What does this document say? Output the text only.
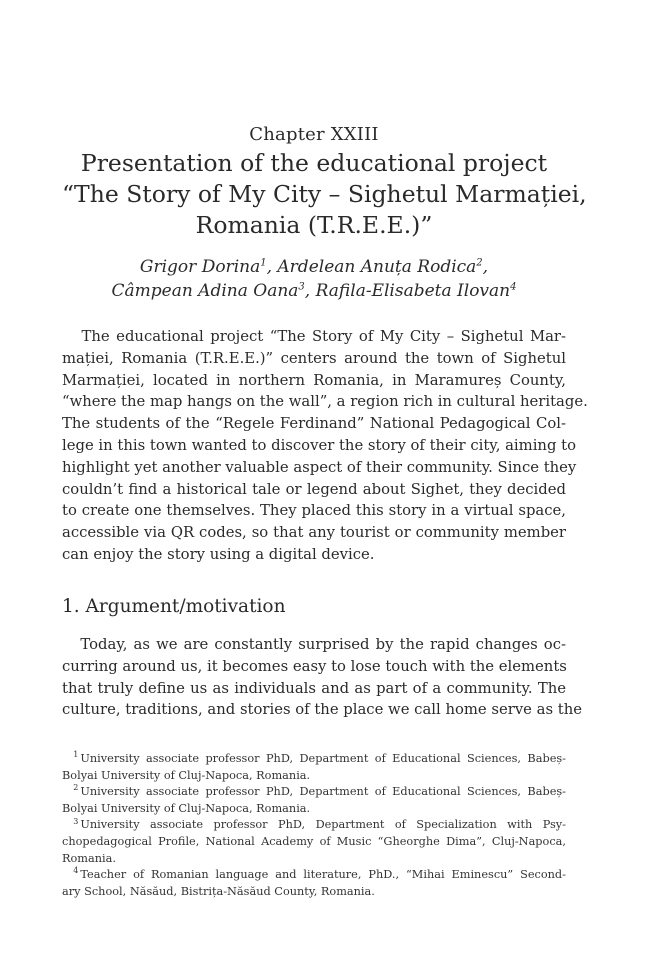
Chapter XXIII
Presentation of the educational project
“The Story of My City – Sighetul Marmației,
Romania (T.R.E.E.)”
Grigor Dorina$^1$, Ardelean Anuța Rodica$^2$,
Câmpean Adina Oana$^3$, Rafila-Elisabeta Ilovan$^4$
The educational project “The Story of My City – Sighetul Mar-
mației, Romania (T.R.E.E.)” centers around the town of Sighetul
Marmației, located in northern Romania, in Maramureș County,
“where the map hangs on the wall”, a region rich in cultural heritage.
The students of the “Regele Ferdinand” National Pedagogical Col-
lege in this town wanted to discover the story of their city, aiming to
highlight yet another valuable aspect of their community. Since they
couldn’t find a historical tale or legend about Sighet, they decided
to create one themselves. They placed this story in a virtual space,
accessible via QR codes, so that any tourist or community member
can enjoy the story using a digital device.
1. Argument/motivation
Today, as we are constantly surprised by the rapid changes oc-
curring around us, it becomes easy to lose touch with the elements
that truly define us as individuals and as part of a community. The
culture, traditions, and stories of the place we call home serve as the
 $^1$ University associate professor PhD, Department of Educational Sciences, Babeș-
Bolyai University of Cluj-Napoca, Romania.
 $^2$ University associate professor PhD, Department of Educational Sciences, Babeș-
Bolyai University of Cluj-Napoca, Romania.
 $^3$ University associate professor PhD, Department of Specialization with Psy-
chopedagogical Profile, National Academy of Music “Gheorghe Dima”, Cluj-Napoca,
Romania.
 $^4$ Teacher of Romanian language and literature, PhD., “Mihai Eminescu” Second-
ary School, Năsăud, Bistrița-Năsăud County, Romania.
